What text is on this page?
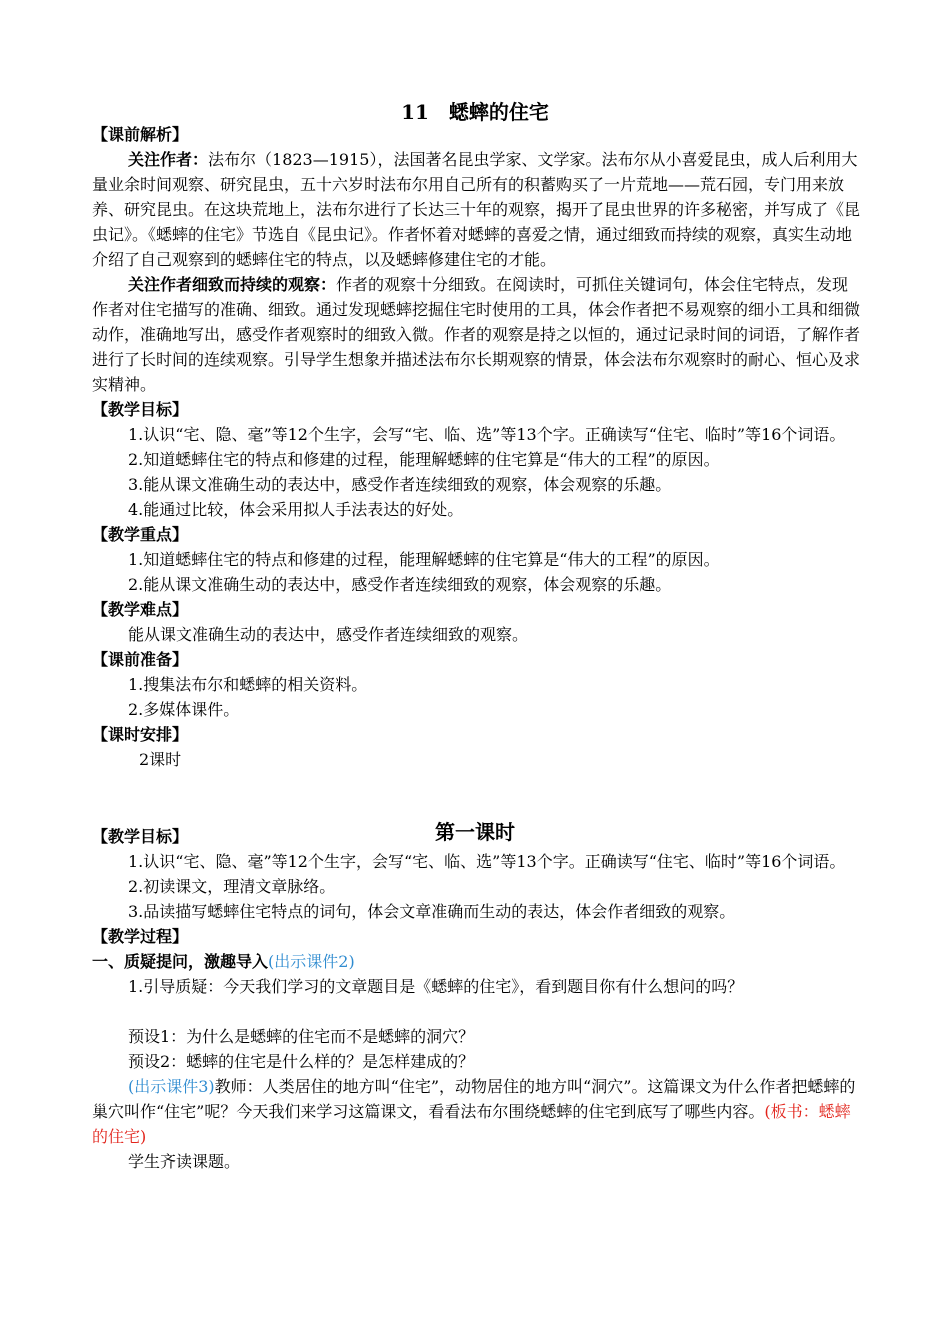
11　蟋蟀的住宅

【课前解析】

关注作者：法布尔（1823—1915），法国著名昆虫学家、文学家。法布尔从小喜爱昆虫，成人后利用大量业余时间观察、研究昆虫，五十六岁时法布尔用自己所有的积蓄购买了一片荒地——荒石园，专门用来放养、研究昆虫。在这块荒地上，法布尔进行了长达三十年的观察，揭开了昆虫世界的许多秘密，并写成了《昆虫记》。《蟋蟀的住宅》节选自《昆虫记》。作者怀着对蟋蟀的喜爱之情，通过细致而持续的观察，真实生动地介绍了自己观察到的蟋蟀住宅的特点，以及蟋蟀修建住宅的才能。

关注作者细致而持续的观察：作者的观察十分细致。在阅读时，可抓住关键词句，体会住宅特点，发现作者对住宅描写的准确、细致。通过发现蟋蟀挖掘住宅时使用的工具，体会作者把不易观察的细小工具和细微动作，准确地写出，感受作者观察时的细致入微。作者的观察是持之以恒的，通过记录时间的词语，了解作者进行了长时间的连续观察。引导学生想象并描述法布尔长期观察的情景，体会法布尔观察时的耐心、恒心及求实精神。

【教学目标】

1.认识“宅、隐、毫”等12个生字，会写“宅、临、选”等13个字。正确读写“住宅、临时”等16个词语。

2.知道蟋蟀住宅的特点和修建的过程，能理解蟋蟀的住宅算是“伟大的工程”的原因。

3.能从课文准确生动的表达中，感受作者连续细致的观察，体会观察的乐趣。

4.能通过比较，体会采用拟人手法表达的好处。

【教学重点】

1.知道蟋蟀住宅的特点和修建的过程，能理解蟋蟀的住宅算是“伟大的工程”的原因。

2.能从课文准确生动的表达中，感受作者连续细致的观察，体会观察的乐趣。

【教学难点】

能从课文准确生动的表达中，感受作者连续细致的观察。

【课前准备】

1.搜集法布尔和蟋蟀的相关资料。

2.多媒体课件。

【课时安排】

2课时

【教学目标】

1.认识“宅、隐、毫”等12个生字，会写“宅、临、选”等13个字。正确读写“住宅、临时”等16个词语。

2.初读课文，理清文章脉络。

3.品读描写蟋蟀住宅特点的词句，体会文章准确而生动的表达，体会作者细致的观察。

【教学过程】

一、质疑提问，激趣导入(出示课件2)

1.引导质疑：今天我们学习的文章题目是《蟋蟀的住宅》，看到题目你有什么想问的吗？

预设1：为什么是蟋蟀的住宅而不是蟋蟀的洞穴？

预设2：蟋蟀的住宅是什么样的？是怎样建成的？

(出示课件3)教师：人类居住的地方叫“住宅”，动物居住的地方叫“洞穴”。这篇课文为什么作者把蟋蟀的巢穴叫作“住宅”呢？今天我们来学习这篇课文，看看法布尔围绕蟋蟀的住宅到底写了哪些内容。(板书：蟋蟀的住宅)

学生齐读课题。

第一课时
